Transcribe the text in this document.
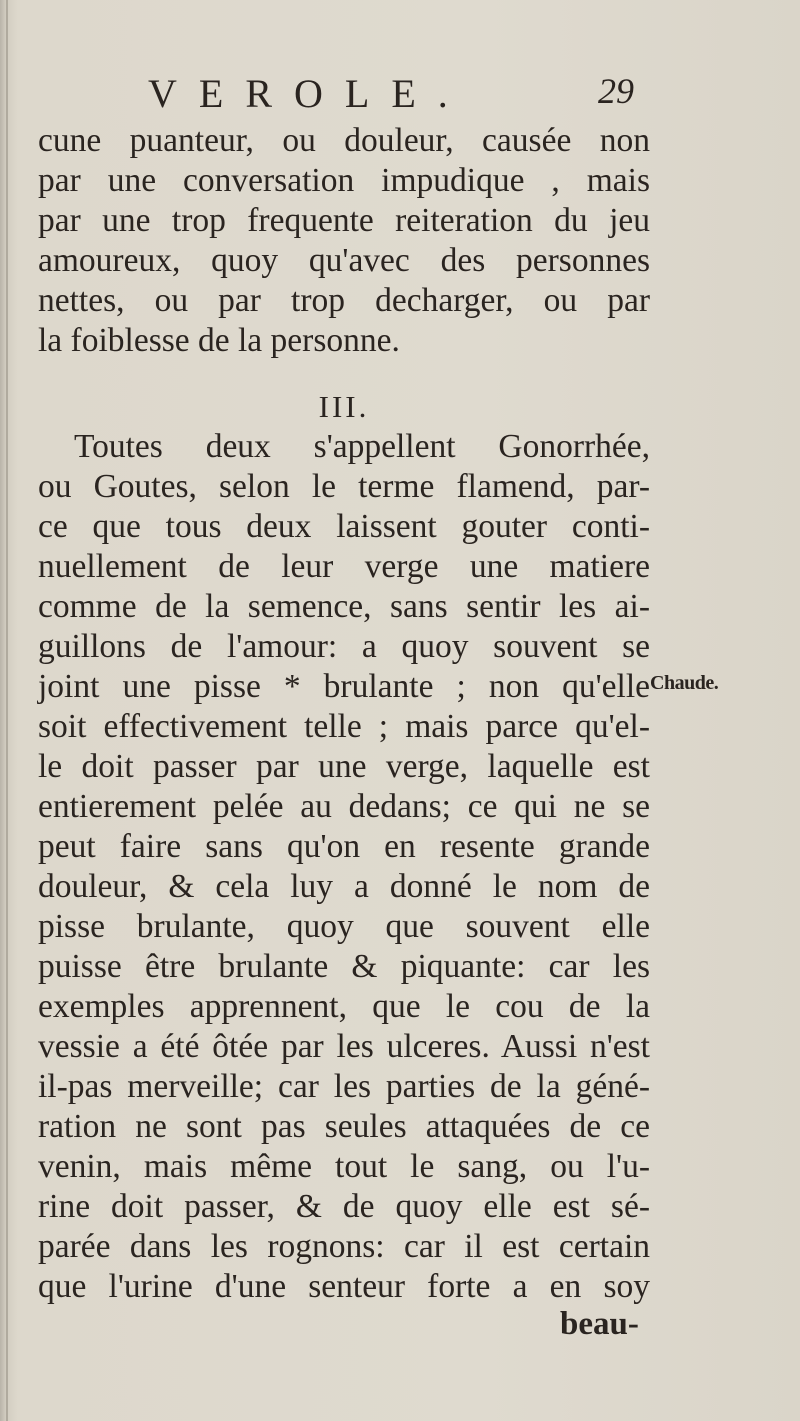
VEROLE.	29
cune puanteur, ou douleur, causée non
par une conversation impudique , mais
par une trop frequente reiteration du jeu
amoureux, quoy qu'avec des personnes
nettes, ou par trop decharger, ou par
la foiblesse de la personne.
III.
Toutes deux s'appellent Gonorrhée,
ou Goutes, selon le terme flamend, par-
ce que tous deux laissent gouter conti-
nuellement de leur verge une matiere
comme de la semence, sans sentir les ai-
guillons de l'amour: a quoy souvent se
joint une pisse * brulante ; non qu'elle
soit effectivement telle ; mais parce qu'el-
le doit passer par une verge, laquelle est
entierement pelée au dedans; ce qui ne se
peut faire sans qu'on en resente grande
douleur, & cela luy a donné le nom de
pisse brulante, quoy que souvent elle
puisse être brulante & piquante: car les
exemples apprennent, que le cou de la
vessie a été ôtée par les ulceres. Aussi n'est
il-pas merveille; car les parties de la géné-
ration ne sont pas seules attaquées de ce
venin, mais même tout le sang, ou l'u-
rine doit passer, & de quoy elle est sé-
parée dans les rognons: car il est certain
que l'urine d'une senteur forte a en soy
Chaude.
beau-
